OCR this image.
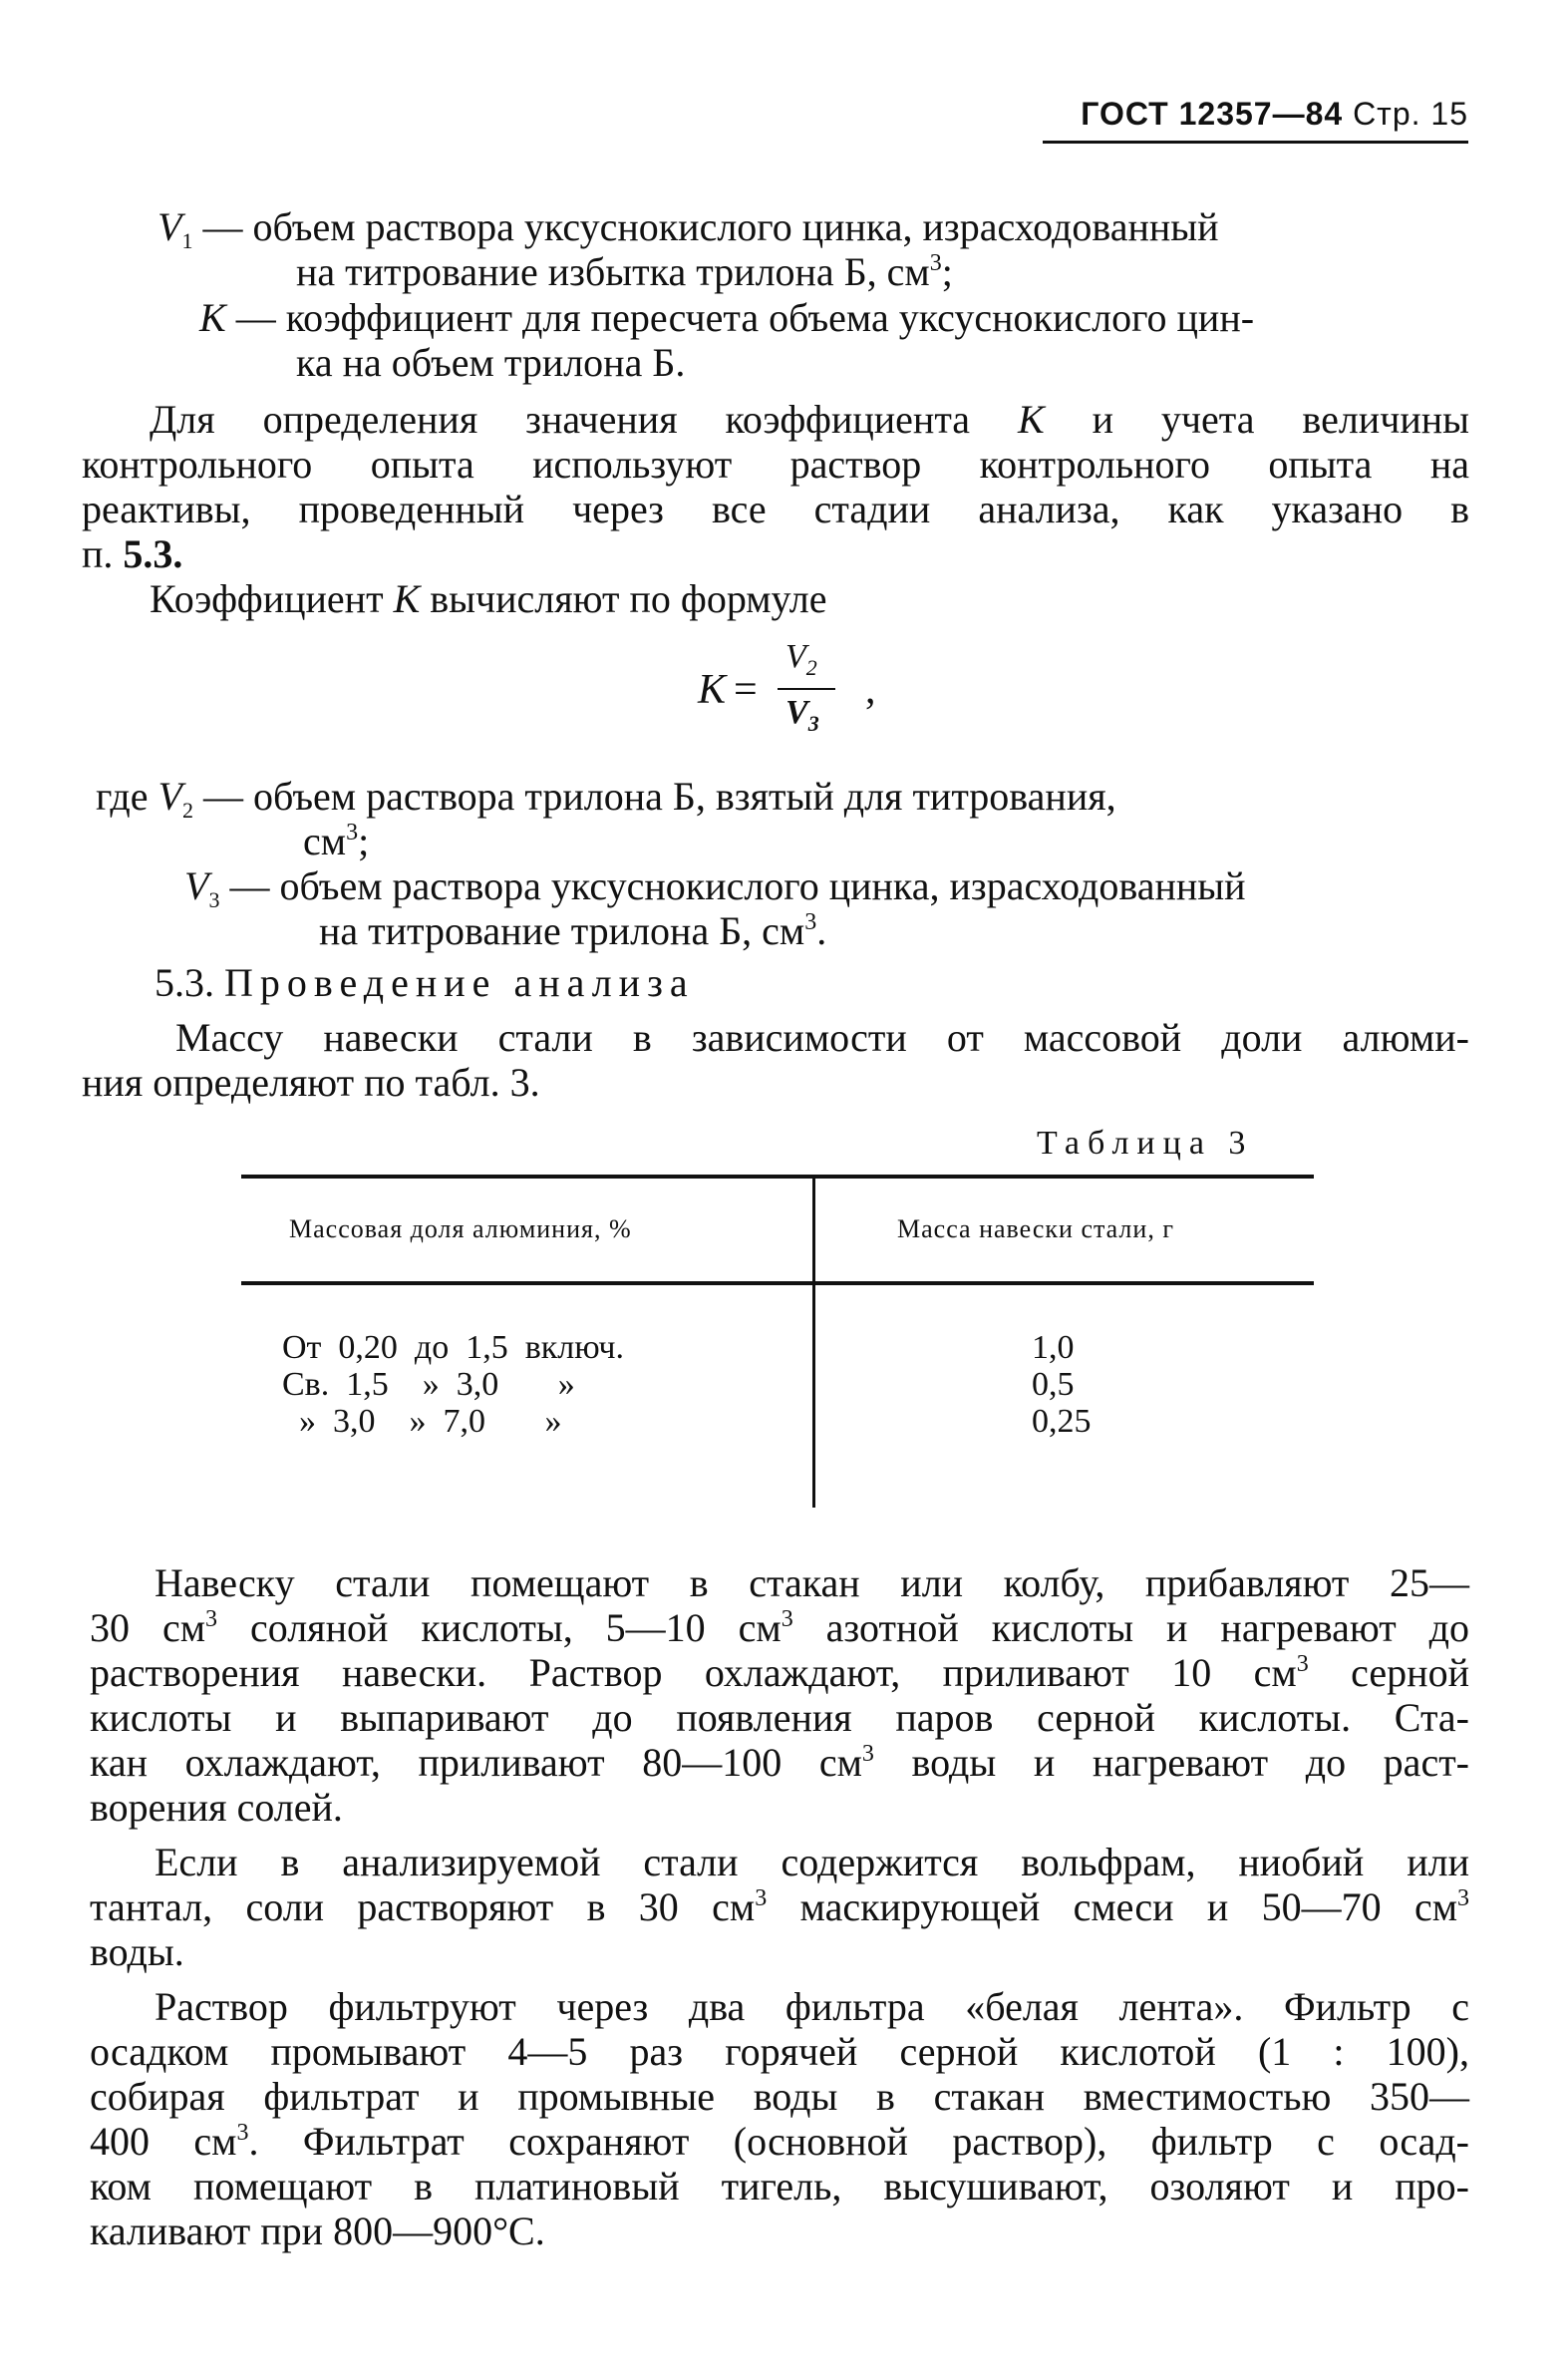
ГОСТ 12357—84 Стр. 15
$V_1$ — объем раствора уксуснокислого цинка, израсходованный
на титрование избытка трилона Б, $см^3$;
K — коэффициент для пересчета объема уксуснокислого цин-
ка на объем трилона Б.
Для определения значения коэффициента K и учета величины
контрольного опыта используют раствор контрольного опыта на
реактивы, проведенный через все стадии анализа, как указано в
п. 5.3.
Коэффициент K вычисляют по формуле
K =
$V_2$
$V_3$
,
где $V_2$ — объем раствора трилона Б, взятый для титрования,
$см^3$;
$V_3$ — объем раствора уксуснокислого цинка, израсходованный
на титрование трилона Б, $см^3$.
5.3. Проведение анализа
Массу навески стали в зависимости от массовой доли алюми-
ния определяют по табл. 3.
Таблица 3
Массовая доля алюминия, %	Масса навески стали, г
От  0,20  до  1,5  включ.	1,0
Св.  1,5    »  3,0       »	0,5
»  3,0    »  7,0       »	0,25
Навеску стали помещают в стакан или колбу, прибавляют 25—
30 $см^3$ соляной кислоты, 5—10 $см^3$ азотной кислоты и нагревают до
растворения навески. Раствор охлаждают, приливают 10 $см^3$ серной
кислоты и выпаривают до появления паров серной кислоты. Ста-
кан охлаждают, приливают 80—100 $см^3$ воды и нагревают до раст-
ворения солей.
Если в анализируемой стали содержится вольфрам, ниобий или
тантал, соли растворяют в 30 $см^3$ маскирующей смеси и 50—70 $см^3$
воды.
Раствор фильтруют через два фильтра «белая лента». Фильтр с
осадком промывают 4—5 раз горячей серной кислотой (1 : 100),
собирая фильтрат и промывные воды в стакан вместимостью 350—
400 $см^3$. Фильтрат сохраняют (основной раствор), фильтр с осад-
ком помещают в платиновый тигель, высушивают, озоляют и про-
каливают при 800—900°С.
